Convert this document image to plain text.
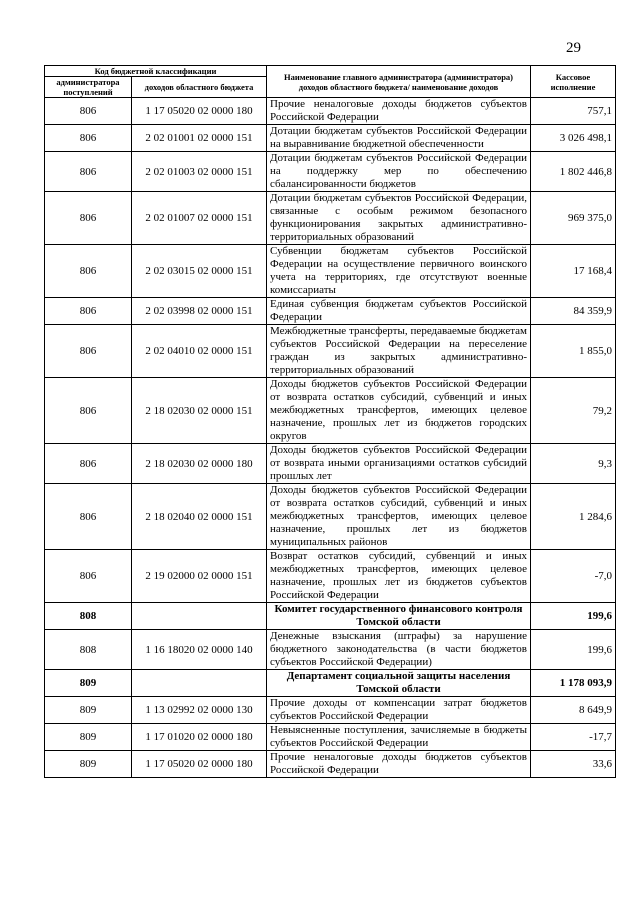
29
Код бюджетной классификации		Наименование главного администратора (администратора) доходов областного бюджета/ наименование доходов	Кассовое исполнение
администратора поступлений	доходов областного бюджета		
806	1 17 05020 02 0000 180	Прочие неналоговые доходы бюджетов субъектов Российской Федерации	757,1
806	2 02 01001 02 0000 151	Дотации бюджетам субъектов Российской Федерации на выравнивание бюджетной обеспеченности	3 026 498,1
806	2 02 01003 02 0000 151	Дотации бюджетам субъектов Российской Федерации на поддержку мер по обеспечению сбалансированности бюджетов	1 802 446,8
806	2 02 01007 02 0000 151	Дотации бюджетам субъектов Российской Федерации, связанные с особым режимом безопасного функционирования закрытых административно-территориальных образований	969 375,0
806	2 02 03015 02 0000 151	Субвенции бюджетам субъектов Российской Федерации на осуществление первичного воинского учета на территориях, где отсутствуют военные комиссариаты	17 168,4
806	2 02 03998 02 0000 151	Единая субвенция бюджетам субъектов Российской Федерации	84 359,9
806	2 02 04010 02 0000 151	Межбюджетные трансферты, передаваемые бюджетам субъектов Российской Федерации на переселение граждан из закрытых административно-территориальных образований	1 855,0
806	2 18 02030 02 0000 151	Доходы бюджетов субъектов Российской Федерации от возврата остатков субсидий, субвенций и иных межбюджетных трансфертов, имеющих целевое назначение, прошлых лет из бюджетов городских округов	79,2
806	2 18 02030 02 0000 180	Доходы бюджетов субъектов Российской Федерации от возврата иными организациями остатков субсидий прошлых лет	9,3
806	2 18 02040 02 0000 151	Доходы бюджетов субъектов Российской Федерации от возврата остатков субсидий, субвенций и иных межбюджетных трансфертов, имеющих целевое назначение, прошлых лет из бюджетов муниципальных районов	1 284,6
806	2 19 02000 02 0000 151	Возврат остатков субсидий, субвенций и иных межбюджетных трансфертов, имеющих целевое назначение, прошлых лет из бюджетов субъектов Российской Федерации	-7,0
808		Комитет государственного финансового контроля Томской области	199,6
808	1 16 18020 02 0000 140	Денежные взыскания (штрафы) за нарушение бюджетного законодательства (в части бюджетов субъектов Российской Федерации)	199,6
809		Департамент социальной защиты населения Томской области	1 178 093,9
809	1 13 02992 02 0000 130	Прочие доходы от компенсации затрат бюджетов субъектов Российской Федерации	8 649,9
809	1 17 01020 02 0000 180	Невыясненные поступления, зачисляемые в бюджеты субъектов Российской Федерации	-17,7
809	1 17 05020 02 0000 180	Прочие неналоговые доходы бюджетов субъектов Российской Федерации	33,6
